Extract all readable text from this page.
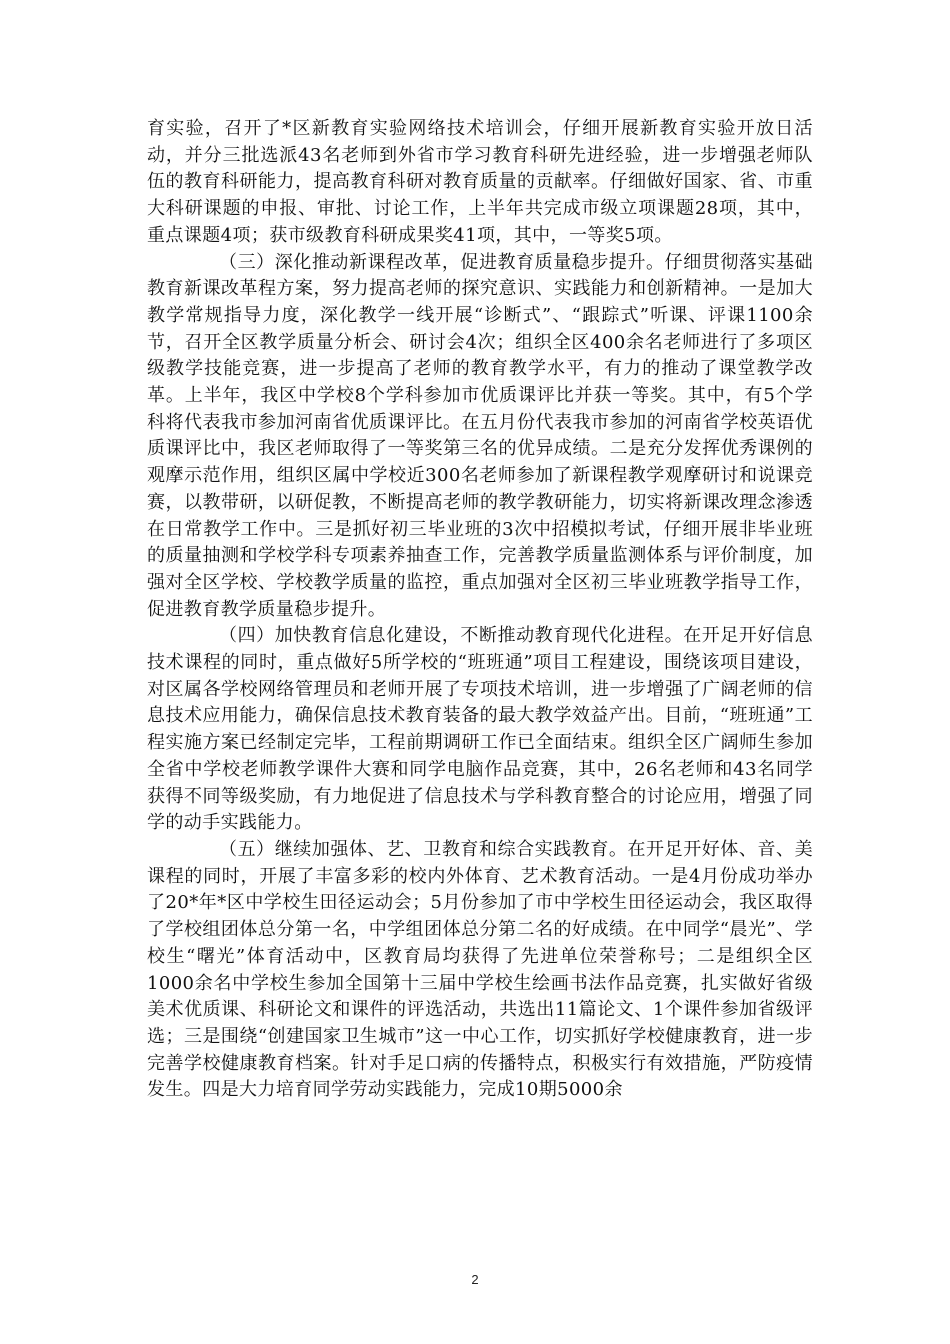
育实验，召开了*区新教育实验网络技术培训会，仔细开展新教育实验开放日活动，并分三批选派43名老师到外省市学习教育科研先进经验，进一步增强老师队伍的教育科研能力，提高教育科研对教育质量的贡献率。仔细做好国家、省、市重大科研课题的申报、审批、讨论工作，上半年共完成市级立项课题28项，其中，重点课题4项；获市级教育科研成果奖41项，其中，一等奖5项。

（三）深化推动新课程改革，促进教育质量稳步提升。仔细贯彻落实基础教育新课改革程方案，努力提高老师的探究意识、实践能力和创新精神。一是加大教学常规指导力度，深化教学一线开展“诊断式”、“跟踪式”听课、评课1100余节，召开全区教学质量分析会、研讨会4次；组织全区400余名老师进行了多项区级教学技能竞赛，进一步提高了老师的教育教学水平，有力的推动了课堂教学改革。上半年，我区中学校8个学科参加市优质课评比并获一等奖。其中，有5个学科将代表我市参加河南省优质课评比。在五月份代表我市参加的河南省学校英语优质课评比中，我区老师取得了一等奖第三名的优异成绩。二是充分发挥优秀课例的观摩示范作用，组织区属中学校近300名老师参加了新课程教学观摩研讨和说课竞赛，以教带研，以研促教，不断提高老师的教学教研能力，切实将新课改理念渗透在日常教学工作中。三是抓好初三毕业班的3次中招模拟考试，仔细开展非毕业班的质量抽测和学校学科专项素养抽查工作，完善教学质量监测体系与评价制度，加强对全区学校、学校教学质量的监控，重点加强对全区初三毕业班教学指导工作，促进教育教学质量稳步提升。

（四）加快教育信息化建设，不断推动教育现代化进程。在开足开好信息技术课程的同时，重点做好5所学校的“班班通”项目工程建设，围绕该项目建设，对区属各学校网络管理员和老师开展了专项技术培训，进一步增强了广阔老师的信息技术应用能力，确保信息技术教育装备的最大教学效益产出。目前，“班班通”工程实施方案已经制定完毕，工程前期调研工作已全面结束。组织全区广阔师生参加全省中学校老师教学课件大赛和同学电脑作品竞赛，其中，26名老师和43名同学获得不同等级奖励，有力地促进了信息技术与学科教育整合的讨论应用，增强了同学的动手实践能力。

（五）继续加强体、艺、卫教育和综合实践教育。在开足开好体、音、美课程的同时，开展了丰富多彩的校内外体育、艺术教育活动。一是4月份成功举办了20*年*区中学校生田径运动会；5月份参加了市中学校生田径运动会，我区取得了学校组团体总分第一名，中学组团体总分第二名的好成绩。在中同学“晨光”、学校生“曙光”体育活动中，区教育局均获得了先进单位荣誉称号；二是组织全区1000余名中学校生参加全国第十三届中学校生绘画书法作品竞赛，扎实做好省级美术优质课、科研论文和课件的评选活动，共选出11篇论文、1个课件参加省级评选；三是围绕“创建国家卫生城市”这一中心工作，切实抓好学校健康教育，进一步完善学校健康教育档案。针对手足口病的传播特点，积极实行有效措施，严防疫情发生。四是大力培育同学劳动实践能力，完成10期5000余

2
